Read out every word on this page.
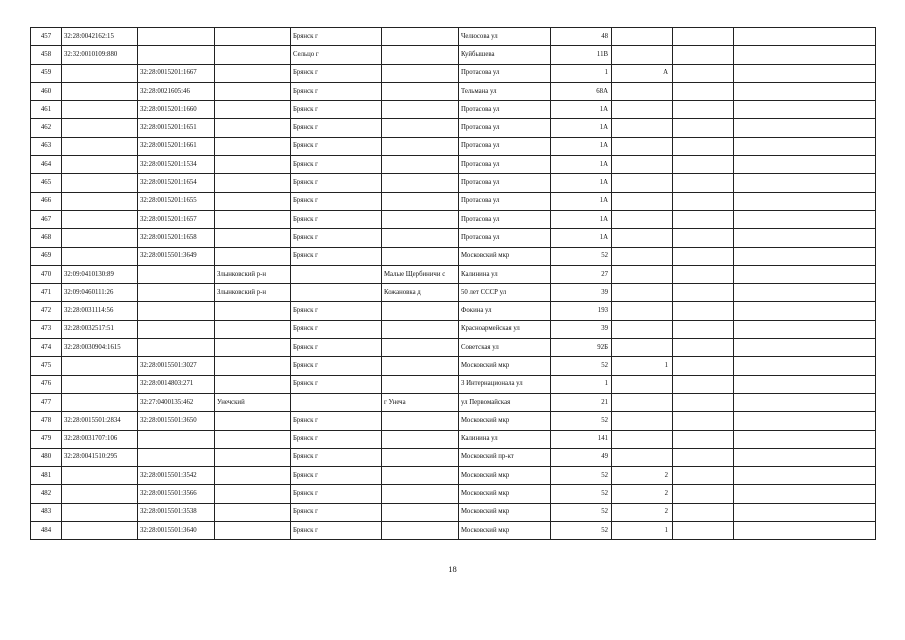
457	32:28:0042162:15			Брянск г		Челюсова ул	48			
458	32:32:0010109:880			Сельцо г		Куйбышева	11В			
459		32:28:0015201:1667		Брянск г		Протасова ул	1	А		
460		32:28:0021605:46		Брянск г		Тельмана ул	68А			
461		32:28:0015201:1660		Брянск г		Протасова ул	1А			
462		32:28:0015201:1651		Брянск г		Протасова ул	1А			
463		32:28:0015201:1661		Брянск г		Протасова ул	1А			
464		32:28:0015201:1534		Брянск г		Протасова ул	1А			
465		32:28:0015201:1654		Брянск г		Протасова ул	1А			
466		32:28:0015201:1655		Брянск г		Протасова ул	1А			
467		32:28:0015201:1657		Брянск г		Протасова ул	1А			
468		32:28:0015201:1658		Брянск г		Протасова ул	1А			
469		32:28:0015501:3649		Брянск г		Московский мкр	52			
470	32:09:0410130:89		Злынковский р-н		Малые Щербиничи с	Калинина ул	27			
471	32:09:0460111:26		Злынковский р-н		Кожановка д	50 лет СССР ул	39			
472	32:28:0031114:56			Брянск г		Фокина ул	193			
473	32:28:0032517:51			Брянск г		Красноармейская ул	39			
474	32:28:0030904:1615			Брянск г		Советская ул	92Б			
475		32:28:0015501:3027		Брянск г		Московский мкр	52	1		
476		32:28:0014803:271		Брянск г		3 Интернационала ул	1			
477		32:27:0400135:462	Унечский		г Унеча	ул Первомайская	21			
478	32:28:0015501:2834	32:28:0015501:3650		Брянск г		Московский мкр	52			
479	32:28:0031707:106			Брянск г		Калинина ул	141			
480	32:28:0041510:295			Брянск г		Московский пр-кт	49			
481		32:28:0015501:3542		Брянск г		Московский мкр	52	2		
482		32:28:0015501:3566		Брянск г		Московский мкр	52	2		
483		32:28:0015501:3538		Брянск г		Московский мкр	52	2		
484		32:28:0015501:3640		Брянск г		Московский мкр	52	1		
18
